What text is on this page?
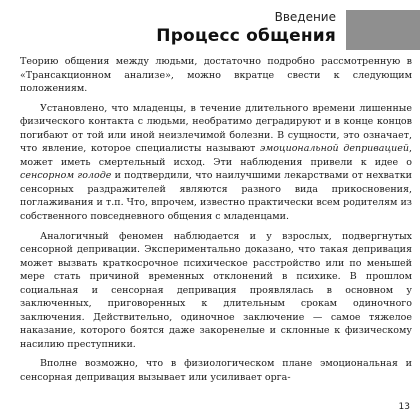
Введение
Процесс общения

Теорию общения между людьми, достаточно подробно рассмотренную в «Трансакционном анализе», можно вкратце свести к следующим положениям.

Установлено, что младенцы, в течение длительного времени лишенные физического контакта с людьми, необратимо деградируют и в конце концов погибают от той или иной неизлечимой болезни. В сущности, это означает, что явление, которое специалисты называют эмоциональной депривацией, может иметь смертельный исход. Эти наблюдения привели к идее о сенсорном голоде и подтвердили, что наилучшими лекарствами от нехватки сенсорных раздражителей являются разного вида прикосновения, поглаживания и т.п. Что, впрочем, известно практически всем родителям из собственного повседневного общения с младенцами.

Аналогичный феномен наблюдается и у взрослых, подвергнутых сенсорной депривации. Экспериментально доказано, что такая депривация может вызвать краткосрочное психическое расстройство или по меньшей мере стать причиной временных отклонений в психике. В прошлом социальная и сенсорная депривация проявлялась в основном у заключенных, приговоренных к длительным срокам одиночного заключения. Действительно, одиночное заключение — самое тяжелое наказание, которого боятся даже закоренелые и склонные к физическому насилию преступники.

Вполне возможно, что в физиологическом плане эмоциональная и сенсорная депривация вызывает или усиливает орга-

13
